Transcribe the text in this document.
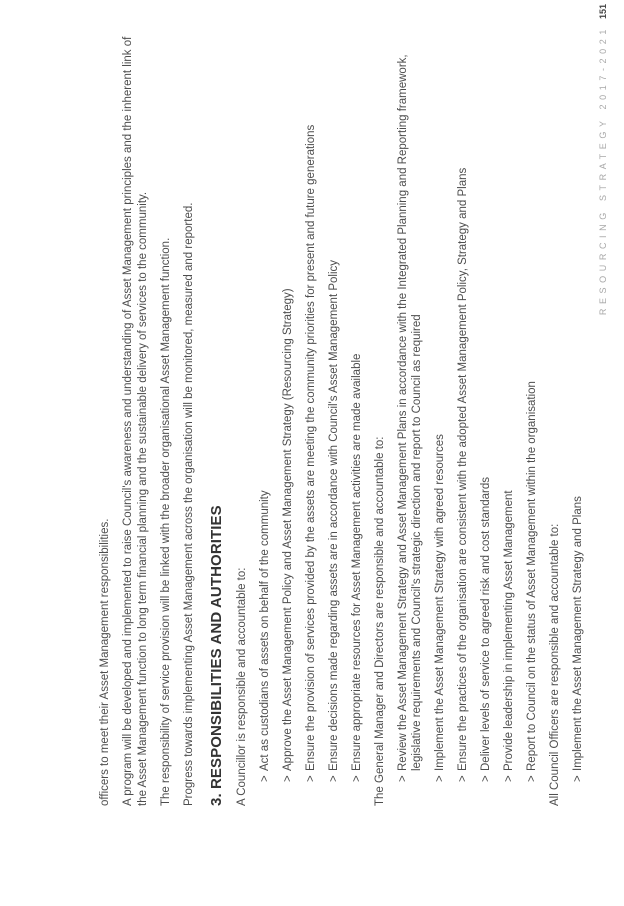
officers to meet their Asset Management responsibilities. A program will be developed and implemented to raise Council's awareness and understanding of Asset Management principles and the inherent link of the Asset Management function to long term financial planning and the sustainable delivery of services to the community. The responsibility of service provision will be linked with the broader organisational Asset Management function. Progress towards implementing Asset Management across the organisation will be monitored, measured and reported. 3. RESPONSIBILITIES AND AUTHORITIES A Councillor is responsible and accountable to: >
Act as custodians of assets on behalf of the community
>
Approve the Asset Management Policy and Asset Management Strategy (Resourcing Strategy)
>
Ensure the provision of services provided by the assets are meeting the community priorities for present and future generations
>
Ensure decisions made regarding assets are in accordance with Council's Asset Management Policy
>
Ensure appropriate resources for Asset Management activities are made available The General Manager and Directors are responsible and accountable to: >
Review the Asset Management Strategy and Asset Management Plans in accordance with the Integrated Planning and Reporting framework, legislative requirements and Council's strategic direction and report to Council as required
>
Implement the Asset Management Strategy with agreed resources
>
Ensure the practices of the organisation are consistent with the adopted Asset Management Policy, Strategy and Plans
>
Deliver levels of service to agreed risk and cost standards
>
Provide leadership in implementing Asset Management
>
Report to Council on the status of Asset Management within the organisation All Council Officers are responsible and accountable to: >
Implement the Asset Management Strategy and Plans
RESOURCING STRATEGY 2017-2021151
